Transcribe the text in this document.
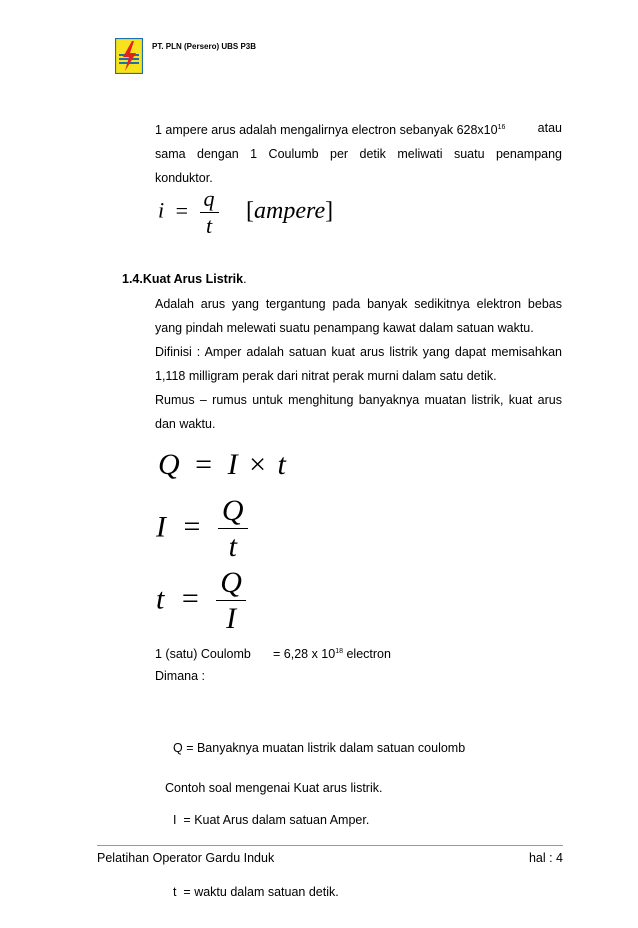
PT. PLN (Persero) UBS P3B
1 ampere arus adalah mengalirnya electron sebanyak $628x10^{16}$	atau
sama dengan 1 Coulumb per detik meliwati suatu penampang
konduktor.
$i = \frac{q}{t}$ [ampere]
1.4.Kuat Arus Listrik.
Adalah arus yang tergantung pada banyak sedikitnya elektron bebas
yang pindah melewati suatu penampang kawat dalam satuan waktu.
Difinisi : Amper adalah satuan kuat arus listrik yang dapat memisahkan
1,118 milligram perak dari nitrat perak murni dalam satu detik.
Rumus – rumus untuk menghitung banyaknya muatan listrik, kuat arus
dan waktu.
Q = I × t
$I = \frac{Q}{t}$
$t = \frac{Q}{I}$
1 (satu) Coulomb = 6,28 x $10^{18}$ electron
Dimana :

Q = Banyaknya muatan listrik dalam satuan coulomb

I  = Kuat Arus dalam satuan Amper.

t  = waktu dalam satuan detik.

Contoh soal mengenai Kuat arus listrik.
Pelatihan Operator Gardu Induk	hal : 4
